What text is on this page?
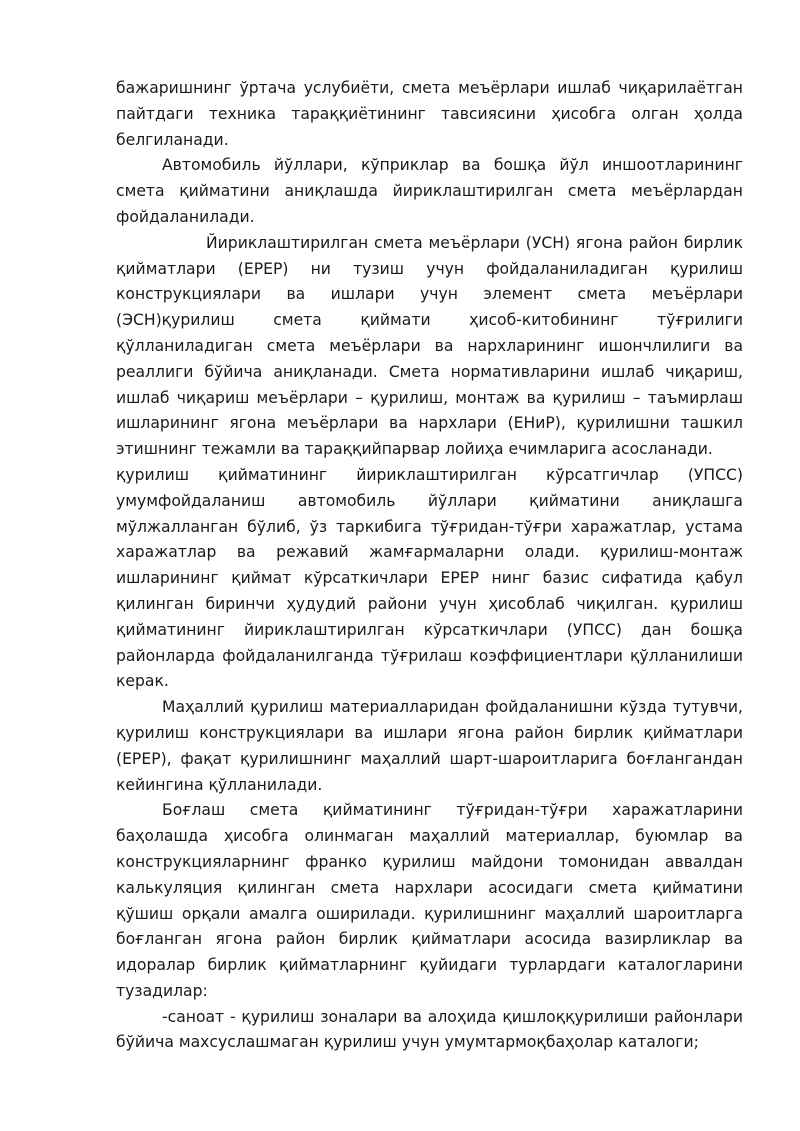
бажаришнинг ўртача услубиёти, смета меъёрлари ишлаб чиқарилаётган пайтдаги техника тараққиётининг тавсиясини ҳисобга олган ҳолда белгиланади.

Автомобиль йўллари, кўприклар ва бошқа йўл иншоотларининг смета қийматини аниқлашда йириклаштирилган смета меъёрлардан фойдаланилади.

Йириклаштирилган смета меъёрлари (УСН) ягона район бирлик қийматлари (ЕРЕР) ни тузиш учун фойдаланиладиган қурилиш конструкциялари ва ишлари учун элемент смета меъёрлари (ЭСН)қурилиш смета қиймати ҳисоб-китобининг тўғрилиги қўлланиладиган смета меъёрлари ва нархларининг ишончлилиги ва реаллиги бўйича аниқланади. Смета нормативларини ишлаб чиқариш, ишлаб чиқариш меъёрлари – қурилиш, монтаж ва қурилиш – таъмирлаш ишларининг ягона меъёрлари ва нархлари (ЕНиР), қурилишни ташкил этишнинг тежамли ва тараққийпарвар лойиҳа ечимларига асосланади.

қурилиш қийматининг йириклаштирилган кўрсатгичлар (УПСС) умумфойдаланиш автомобиль йўллари қийматини аниқлашга мўлжалланган бўлиб, ўз таркибига тўғридан-тўғри харажатлар, устама харажатлар ва режавий жамғармаларни олади. қурилиш-монтаж ишларининг қиймат кўрсаткичлари ЕРЕР нинг базис сифатида қабул қилинган биринчи ҳудудий райони учун ҳисоблаб чиқилган. қурилиш қийматининг йириклаштирилган кўрсаткичлари (УПСС) дан бошқа районларда фойдаланилганда тўғрилаш коэффициентлари қўлланилиши керак.

Маҳаллий қурилиш материалларидан фойдаланишни кўзда тутувчи, қурилиш конструкциялари ва ишлари ягона район бирлик қийматлари (ЕРЕР), фақат қурилишнинг маҳаллий шарт-шароитларига боғлангандан кейингина қўлланилади.

Боғлаш смета қийматининг тўғридан-тўғри харажатларини баҳолашда ҳисобга олинмаган маҳаллий материаллар, буюмлар ва конструкцияларнинг франко қурилиш майдони томонидан аввалдан калькуляция қилинган смета нархлари асосидаги смета қийматини қўшиш орқали амалга оширилади. қурилишнинг маҳаллий шароитларга боғланган ягона район бирлик қийматлари асосида вазирликлар ва идоралар бирлик қийматларнинг қуйидаги турлардаги каталогларини тузадилар:

-саноат - қурилиш зоналари ва алоҳида қишлоққурилиши районлари бўйича махсуслашмаган қурилиш учун умумтармоқбаҳолар каталоги;
